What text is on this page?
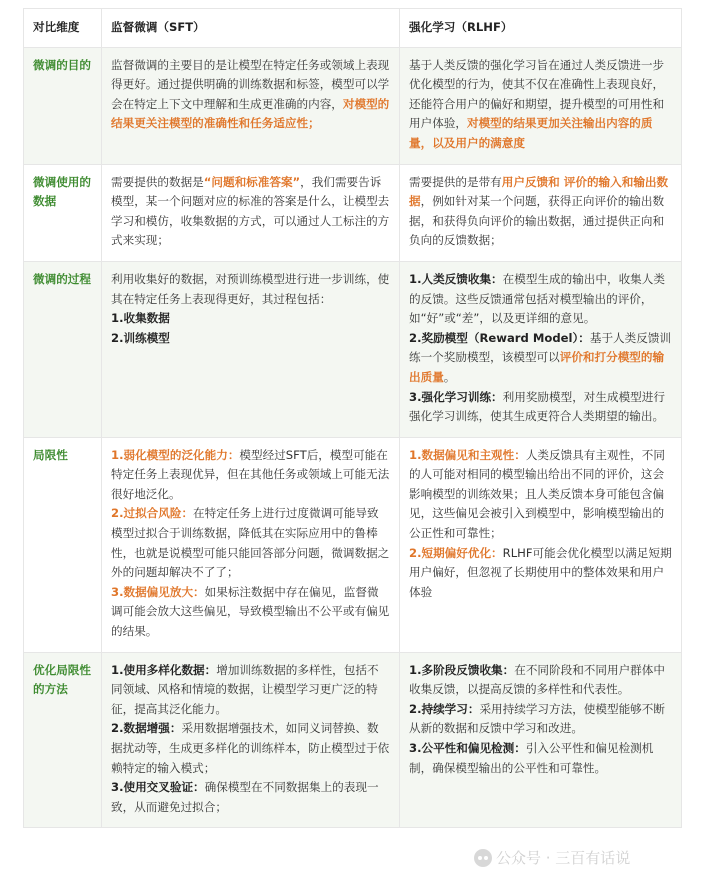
对比维度	监督微调（SFT）	强化学习（RLHF）
微调的目的	监督微调的主要目的是让模型在特定任务或领域上表现得更好。通过提供明确的训练数据和标签，模型可以学会在特定上下文中理解和生成更准确的内容，对模型的结果更关注模型的准确性和任务适应性；	基于人类反馈的强化学习旨在通过人类反馈进一步优化模型的行为，使其不仅在准确性上表现良好，还能符合用户的偏好和期望，提升模型的可用性和用户体验，对模型的结果更加关注输出内容的质量，以及用户的满意度
微调使用的数据	需要提供的数据是“问题和标准答案”，我们需要告诉模型，某一个问题对应的标准的答案是什么，让模型去学习和模仿，收集数据的方式，可以通过人工标注的方式来实现；	需要提供的是带有用户反馈和 评价的输入和输出数据，例如针对某一个问题，获得正向评价的输出数据，和获得负向评价的输出数据，通过提供正向和负向的反馈数据；
微调的过程	利用收集好的数据，对预训练模型进行进一步训练，使其在特定任务上表现得更好，其过程包括：
1.收集数据
2.训练模型	1.人类反馈收集：在模型生成的输出中，收集人类的反馈。这些反馈通常包括对模型输出的评价，如“好”或“差”，以及更详细的意见。
2.奖励模型（Reward Model）：基于人类反馈训练一个奖励模型，该模型可以评价和打分模型的输出质量。
3.强化学习训练：利用奖励模型，对生成模型进行强化学习训练，使其生成更符合人类期望的输出。

局限性	1.弱化模型的泛化能力：模型经过SFT后，模型可能在特定任务上表现优异，但在其他任务或领域上可能无法很好地泛化。
2.过拟合风险：在特定任务上进行过度微调可能导致模型过拟合于训练数据，降低其在实际应用中的鲁棒性，也就是说模型可能只能回答部分问题，微调数据之外的问题却解决不了了；
3.数据偏见放大：如果标注数据中存在偏见，监督微调可能会放大这些偏见，导致模型输出不公平或有偏见的结果。	1.数据偏见和主观性：人类反馈具有主观性，不同的人可能对相同的模型输出给出不同的评价，这会影响模型的训练效果；且人类反馈本身可能包含偏见，这些偏见会被引入到模型中，影响模型输出的公正性和可靠性；
2.短期偏好优化：RLHF可能会优化模型以满足短期用户偏好，但忽视了长期使用中的整体效果和用户体验

优化局限性的方法	1.使用多样化数据：增加训练数据的多样性，包括不同领域、风格和情境的数据，让模型学习更广泛的特征，提高其泛化能力。
2.数据增强：采用数据增强技术，如同义词替换、数据扰动等，生成更多样化的训练样本，防止模型过于依赖特定的输入模式；
3.使用交叉验证：确保模型在不同数据集上的表现一致，从而避免过拟合；	1.多阶段反馈收集：在不同阶段和不同用户群体中收集反馈，以提高反馈的多样性和代表性。
2.持续学习：采用持续学习方法，使模型能够不断从新的数据和反馈中学习和改进。
3.公平性和偏见检测：引入公平性和偏见检测机制，确保模型输出的公平性和可靠性。
公众号 · 三百有话说
